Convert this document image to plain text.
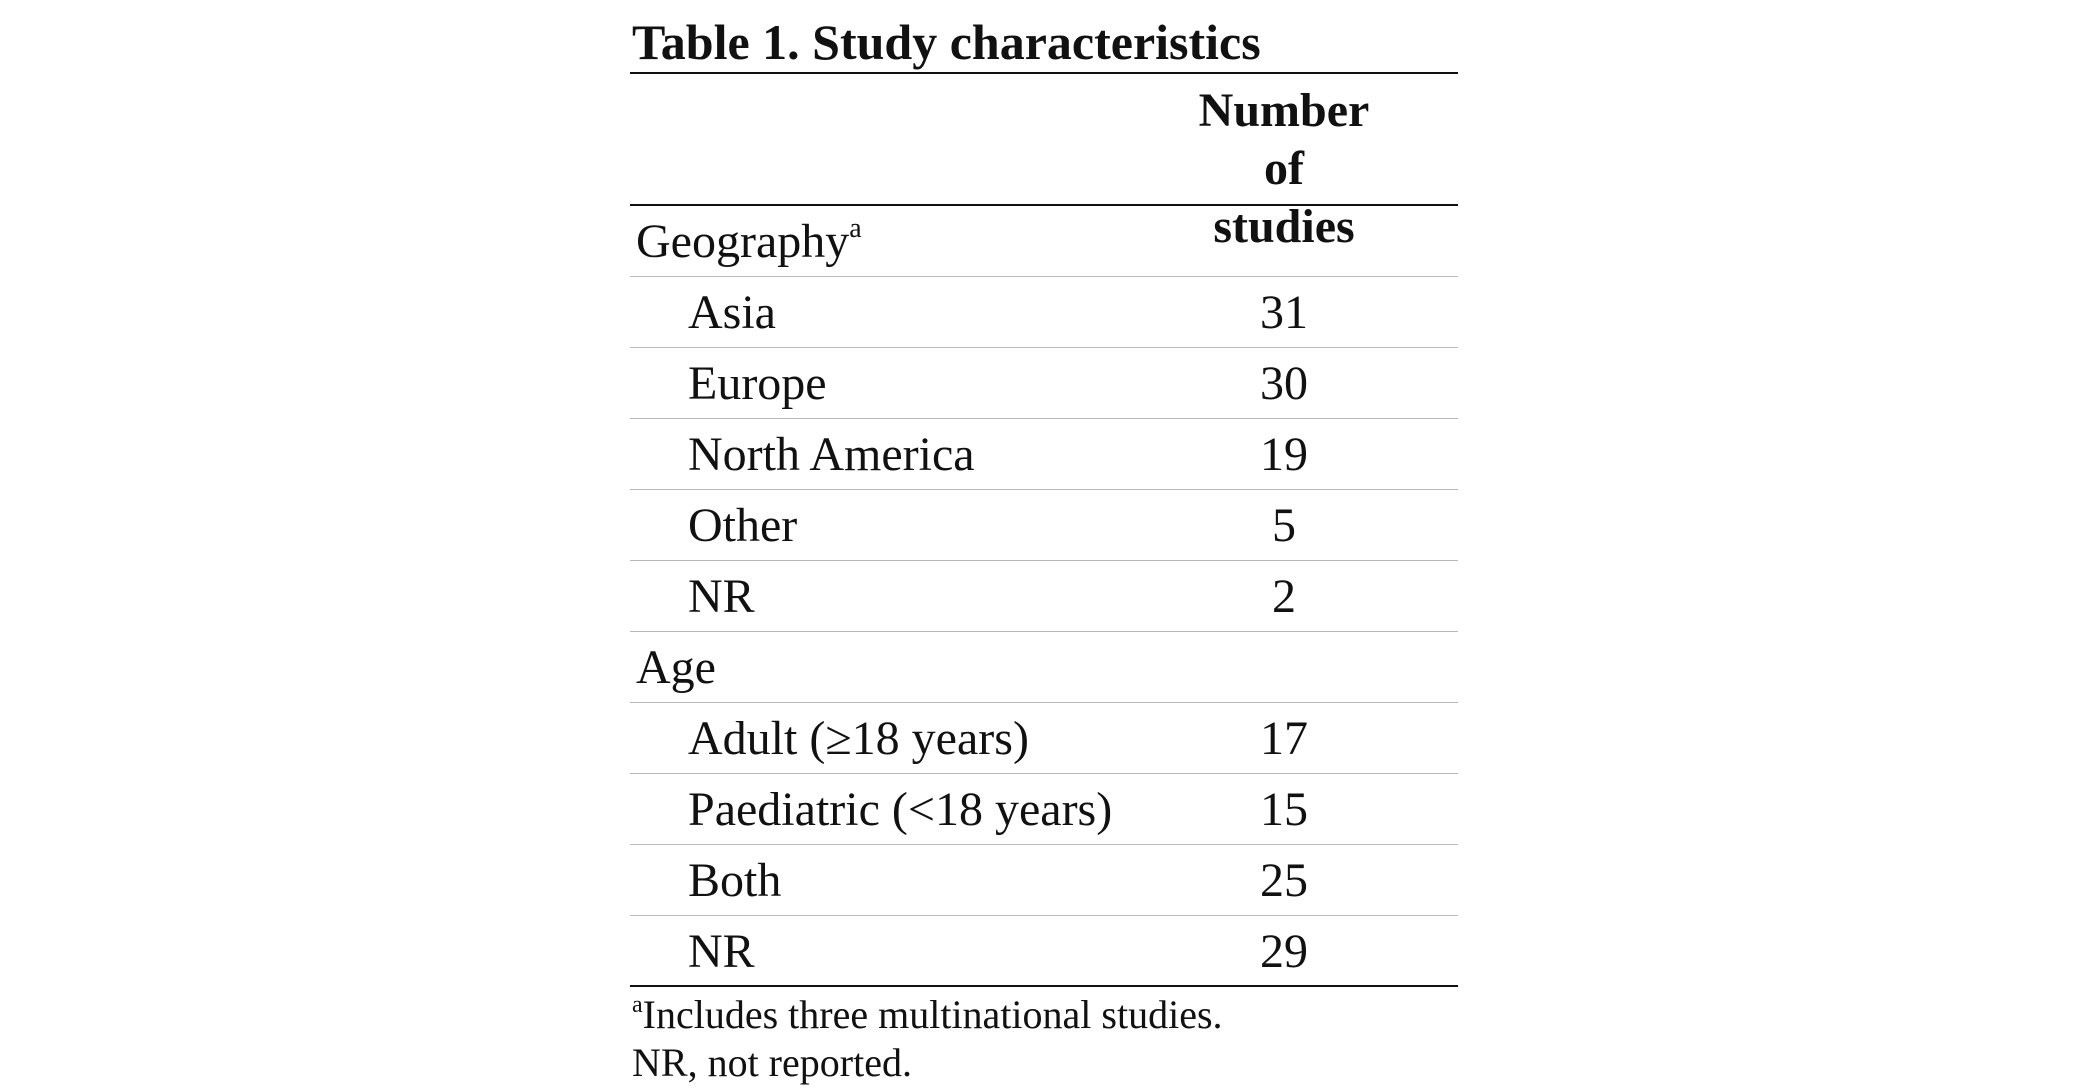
Table 1. Study characteristics
Number of
studies
Geography$^a$
Asia	31
Europe	30
North America	19
Other	5
NR	2
Age
Adult (≥18 years)	17
Paediatric (<18 years)	15
Both	25
NR	29
$^a$Includes three multinational studies.
NR, not reported.
